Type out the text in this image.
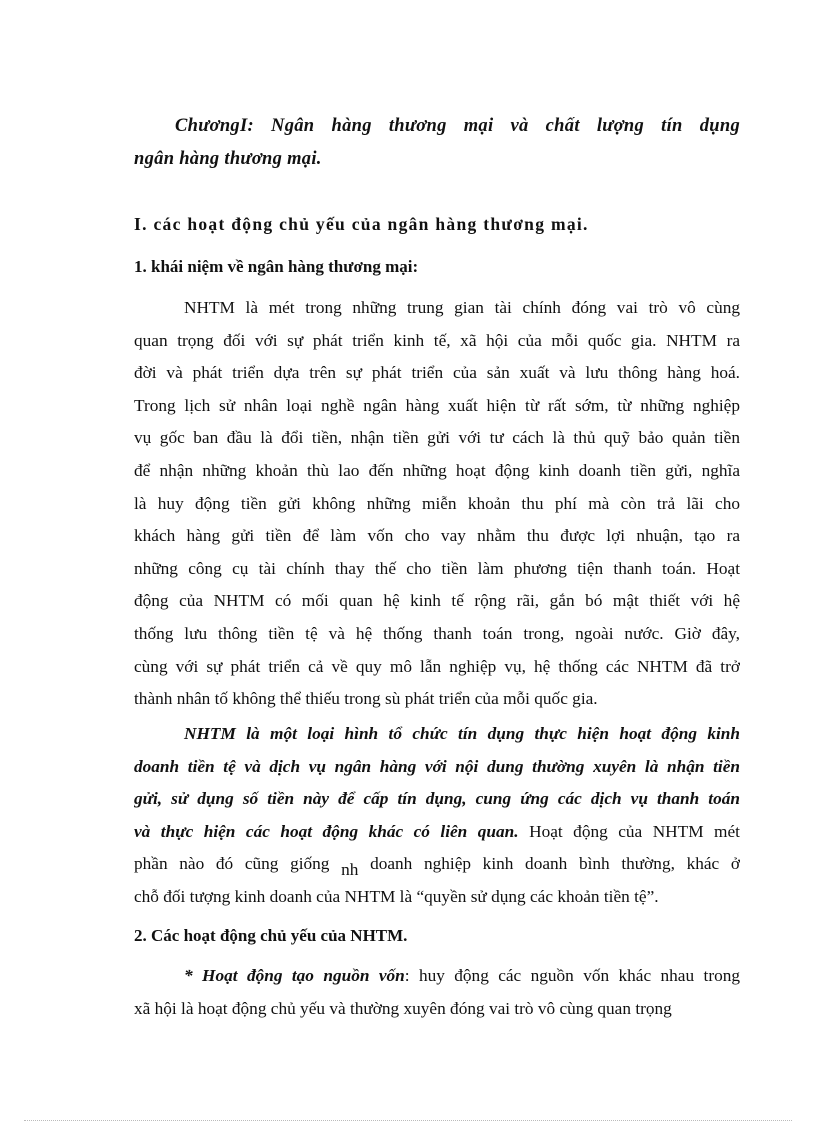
ChươngI: Ngân hàng thương mại và chất lượng tín dụng
ngân hàng thương mại.
I. các hoạt động chủ yếu của ngân hàng thương mại.
1. khái niệm về ngân hàng thương mại:
NHTM là mét trong những trung gian tài chính đóng vai trò vô cùng
quan trọng đối với sự phát triển kinh tế, xã hội của mỗi quốc gia. NHTM ra
đời và phát triển dựa trên sự phát triển của sản xuất và lưu thông hàng hoá.
Trong lịch sử nhân loại nghề ngân hàng xuất hiện từ rất sớm, từ những nghiệp
vụ gốc ban đầu là đổi tiền, nhận tiền gửi với tư cách là thủ quỹ bảo quản tiền
để nhận những khoản thù lao đến những hoạt động kinh doanh tiền gửi, nghĩa
là huy động tiền gửi không những miễn khoản thu phí mà còn trả lãi cho
khách hàng gửi tiền để làm vốn cho vay nhằm thu được lợi nhuận, tạo ra
những công cụ tài chính thay thế cho tiền làm phương tiện thanh toán. Hoạt
động của NHTM có mối quan hệ kinh tế rộng rãi, gắn bó mật thiết với hệ
thống lưu thông tiền tệ và hệ thống thanh toán trong, ngoài nước. Giờ đây,
cùng với sự phát triển cả về quy mô lẫn nghiệp vụ, hệ thống các NHTM đã trở
thành nhân tố không thể thiếu trong sù phát triển của mỗi quốc gia.
NHTM là một loại hình tổ chức tín dụng thực hiện hoạt động kinh
doanh tiền tệ và dịch vụ ngân hàng với nội dung thường xuyên là nhận tiền
gửi, sử dụng số tiền này để cấp tín dụng, cung ứng các dịch vụ thanh toán
và thực hiện các hoạt động khác có liên quan. Hoạt động của NHTM mét
phần nào đó cũng giống nh doanh nghiệp kinh doanh bình thường, khác ở
chỗ đối tượng kinh doanh của NHTM là “quyền sử dụng các khoản tiền tệ”.
2. Các hoạt động chủ yếu của NHTM.
* Hoạt động tạo nguồn vốn: huy động các nguồn vốn khác nhau trong
xã hội là hoạt động chủ yếu và thường xuyên đóng vai trò vô cùng quan trọng
